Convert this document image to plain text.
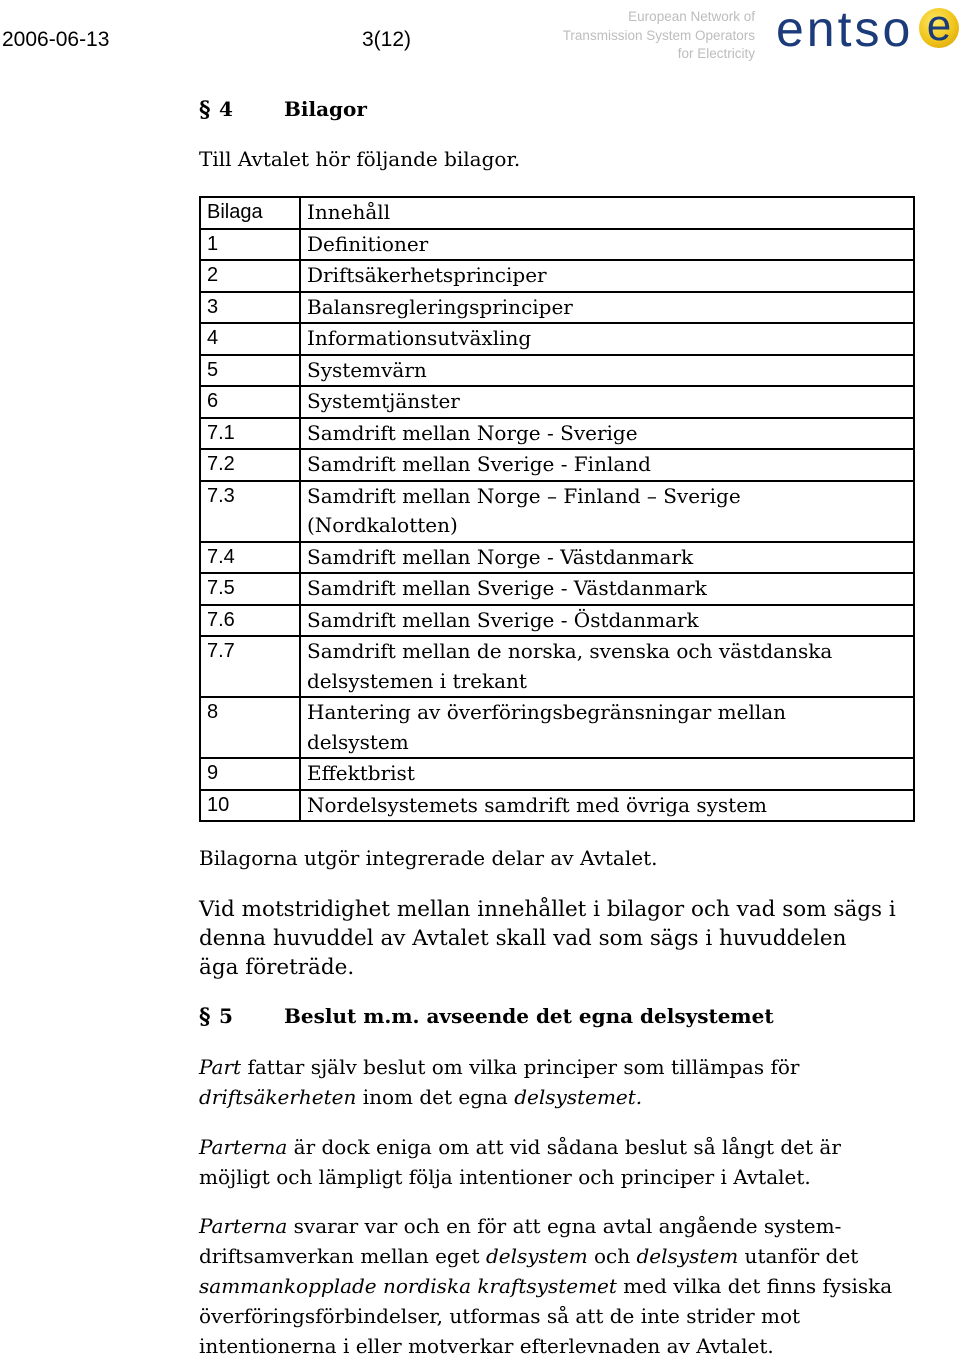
2006-06-13	3(12)
European Network of
Transmission System Operators
for Electricity entso e
§ 4	Bilagor
Till Avtalet hör följande bilagor.
Bilaga	Innehåll
1	Definitioner
2	Driftsäkerhetsprinciper
3	Balansregleringsprinciper
4	Informationsutväxling
5	Systemvärn
6	Systemtjänster
7.1	Samdrift mellan Norge - Sverige
7.2	Samdrift mellan Sverige - Finland
7.3	Samdrift mellan Norge – Finland – Sverige
(Nordkalotten)

7.4	Samdrift mellan Norge - Västdanmark
7.5	Samdrift mellan Sverige - Västdanmark
7.6	Samdrift mellan Sverige - Östdanmark
7.7	Samdrift mellan de norska, svenska och västdanska
delsystemen i trekant

8	Hantering av överföringsbegränsningar mellan
delsystem

9	Effektbrist
10	Nordelsystemets samdrift med övriga system
Bilagorna utgör integrerade delar av Avtalet.
Vid motstridighet mellan innehållet i bilagor och vad som sägs i
denna huvuddel av Avtalet skall vad som sägs i huvuddelen
äga företräde.
§ 5	Beslut m.m. avseende det egna delsystemet
Part fattar själv beslut om vilka principer som tillämpas för
driftsäkerheten inom det egna delsystemet.
Parterna är dock eniga om att vid sådana beslut så långt det är
möjligt och lämpligt följa intentioner och principer i Avtalet.
Parterna svarar var och en för att egna avtal angående system-
driftsamverkan mellan eget delsystem och delsystem utanför det
sammankopplade nordiska kraftsystemet med vilka det finns fysiska
överföringsförbindelser, utformas så att de inte strider mot
intentionerna i eller motverkar efterlevnaden av Avtalet.
